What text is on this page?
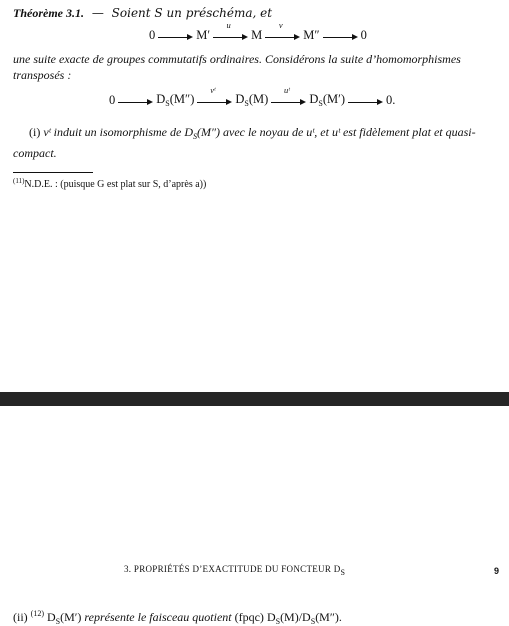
Théorème 3.1. — Soient S un préschéma, et
0	M′
u
M
v
M″	0
une suite exacte de groupes commutatifs ordinaires. Considérons la suite d’homomorphismes transposés :
0	$D_S(M'')$
vᵗ
$D_S(M)$
uᵗ
$D_S(M')$	0.
(i) vᵗ induit un isomorphisme de $D_S(M'')$ avec le noyau de uᵗ, et uᵗ est fidèlement plat et quasi-compact.
$^{(11)}$N.D.E. : (puisque G est plat sur S, d’après a))
3. PROPRIÉTÉS D’EXACTITUDE DU FONCTEUR DS	9
(ii) $^{(12)}$ $D_S(M')$ représente le faisceau quotient (fpqc) $D_S(M)/D_S(M'')$.
